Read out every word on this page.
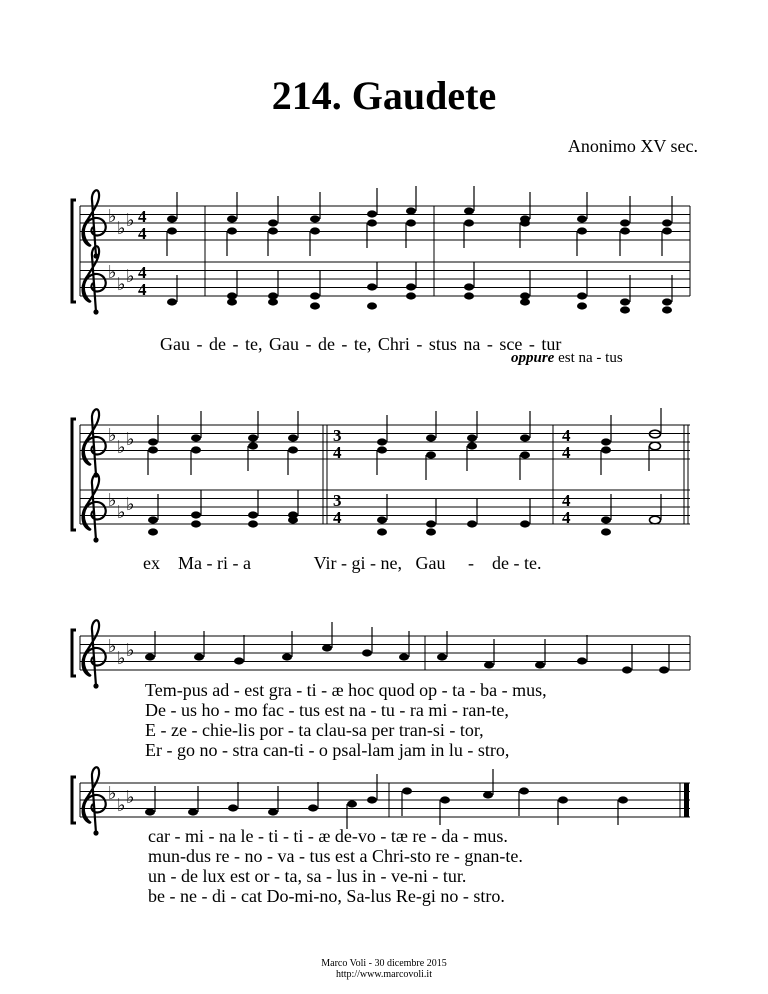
214. Gaudete
Anonimo XV sec.
♭
♭ ♭
♭
♭ ♭
4
4
4
4
♭
♭ ♭
♭
♭ ♭
3
4
3
4
4
4
4
4
♭
♭ ♭
♭
♭ ♭
Gau - de - te, Gau - de - te, Chri - stus na - sce - tur
oppure est na - tus
ex    Ma - ri - a              Vir - gi - ne,   Gau     -    de - te.
Tem-pus ad - est gra - ti - æ hoc quod op - ta - ba - mus,
De - us ho - mo fac - tus est na - tu - ra mi - ran-te,
E - ze - chie-lis por - ta clau-sa per tran-si - tor,
Er - go no - stra can-ti - o psal-lam jam in lu - stro,
car - mi - na le - ti - ti - æ de-vo - tæ re - da - mus.
mun-dus re - no - va - tus est a Chri-sto re - gnan-te.
un - de lux est or - ta, sa - lus in - ve-ni - tur.
be - ne - di - cat Do-mi-no, Sa-lus Re-gi no - stro.
Marco Voli - 30 dicembre 2015
http://www.marcovoli.it
